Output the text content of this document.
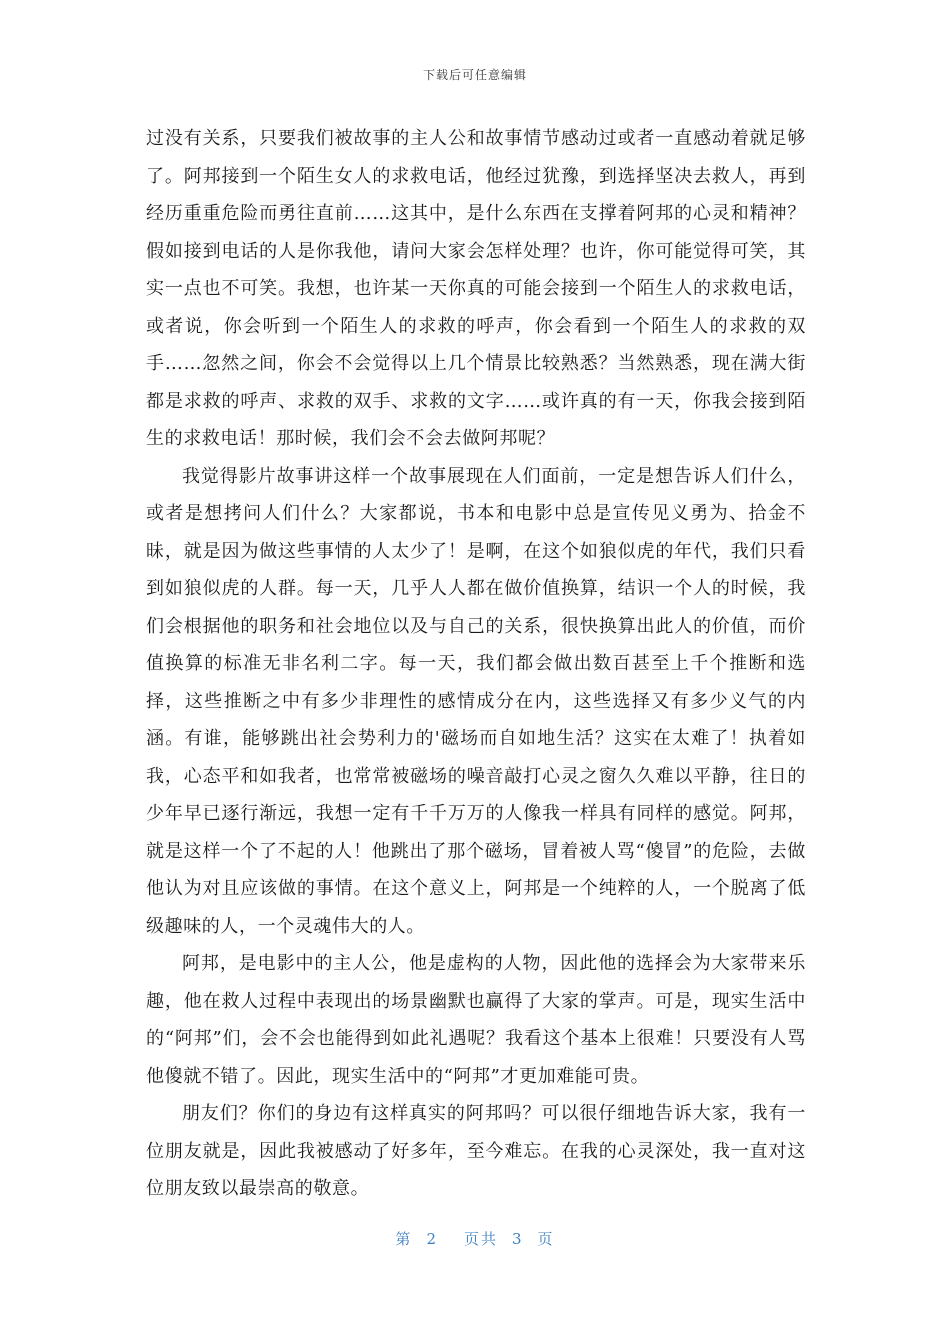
下载后可任意编辑

过没有关系，只要我们被故事的主人公和故事情节感动过或者一直感动着就足够了。阿邦接到一个陌生女人的求救电话，他经过犹豫，到选择坚决去救人，再到经历重重危险而勇往直前……这其中，是什么东西在支撑着阿邦的心灵和精神？假如接到电话的人是你我他，请问大家会怎样处理？也许，你可能觉得可笑，其实一点也不可笑。我想，也许某一天你真的可能会接到一个陌生人的求救电话，或者说，你会听到一个陌生人的求救的呼声，你会看到一个陌生人的求救的双手……忽然之间，你会不会觉得以上几个情景比较熟悉？当然熟悉，现在满大街都是求救的呼声、求救的双手、求救的文字……或许真的有一天，你我会接到陌生的求救电话！那时候，我们会不会去做阿邦呢？

我觉得影片故事讲这样一个故事展现在人们面前，一定是想告诉人们什么，或者是想拷问人们什么？大家都说，书本和电影中总是宣传见义勇为、拾金不昧，就是因为做这些事情的人太少了！是啊，在这个如狼似虎的年代，我们只看到如狼似虎的人群。每一天，几乎人人都在做价值换算，结识一个人的时候，我们会根据他的职务和社会地位以及与自己的关系，很快换算出此人的价值，而价值换算的标准无非名利二字。每一天，我们都会做出数百甚至上千个推断和选择，这些推断之中有多少非理性的感情成分在内，这些选择又有多少义气的内涵。有谁，能够跳出社会势利力的'磁场而自如地生活？这实在太难了！执着如我，心态平和如我者，也常常被磁场的噪音敲打心灵之窗久久难以平静，往日的少年早已逐行渐远，我想一定有千千万万的人像我一样具有同样的感觉。阿邦，就是这样一个了不起的人！他跳出了那个磁场，冒着被人骂“傻冒”的危险，去做他认为对且应该做的事情。在这个意义上，阿邦是一个纯粹的人，一个脱离了低级趣味的人，一个灵魂伟大的人。

阿邦，是电影中的主人公，他是虚构的人物，因此他的选择会为大家带来乐趣，他在救人过程中表现出的场景幽默也赢得了大家的掌声。可是，现实生活中的“阿邦”们，会不会也能得到如此礼遇呢？我看这个基本上很难！只要没有人骂他傻就不错了。因此，现实生活中的“阿邦”才更加难能可贵。

朋友们？你们的身边有这样真实的阿邦吗？可以很仔细地告诉大家，我有一位朋友就是，因此我被感动了好多年，至今难忘。在我的心灵深处，我一直对这位朋友致以最崇高的敬意。

第 2 页共 3 页
